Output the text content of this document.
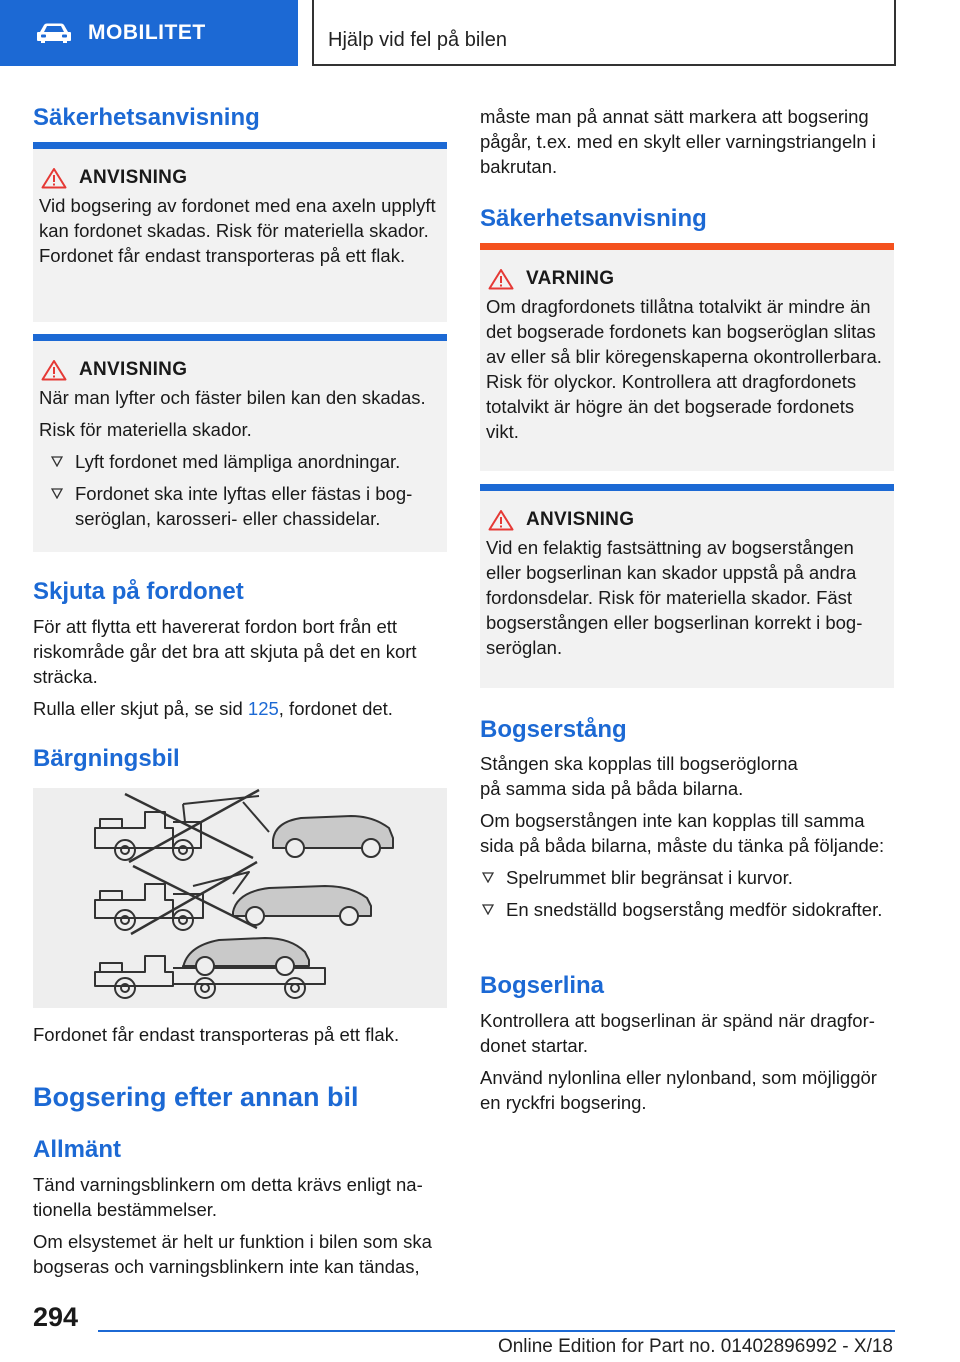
MOBILITET	Hjälp vid fel på bilen
Säkerhetsanvisning
ANVISNING
Vid bogsering av fordonet med ena axeln upplyft kan fordonet skadas. Risk för materiella skador. Fordonet får endast transporteras på ett flak.
ANVISNING
När man lyfter och fäster bilen kan den skadas.
Risk för materiella skador.
Lyft fordonet med lämpliga anordningar.
Fordonet ska inte lyftas eller fästas i bogseröglan, karosseri- eller chassidelar.
Skjuta på fordonet
För att flytta ett havererat fordon bort från ett riskområde går det bra att skjuta på det en kort sträcka.
Rulla eller skjut på, se sid 125, fordonet det.
Bärgningsbil
Fordonet får endast transporteras på ett flak.
Bogsering efter annan bil
Allmänt
Tänd varningsblinkern om detta krävs enligt nationella bestämmelser.
Om elsystemet är helt ur funktion i bilen som ska bogseras och varningsblinkern inte kan tändas,
måste man på annat sätt markera att bogsering pågår, t.ex. med en skylt eller varningstriangeln i bakrutan.
Säkerhetsanvisning
VARNING
Om dragfordonets tillåtna totalvikt är mindre än det bogserade fordonets kan bogseröglan slitas av eller så blir köregenskaperna okontrollerbara. Risk för olyckor. Kontrollera att dragfordonets totalvikt är högre än det bogserade fordonets vikt.
ANVISNING
Vid en felaktig fastsättning av bogserstången eller bogserlinan kan skador uppstå på andra fordonsdelar. Risk för materiella skador. Fäst bogserstången eller bogserlinan korrekt i bogseröglan.
Bogserstång
Stången ska kopplas till bogseröglorna
på samma sida på båda bilarna.
Om bogserstången inte kan kopplas till samma sida på båda bilarna, måste du tänka på följande:
Spelrummet blir begränsat i kurvor.
En snedställd bogserstång medför sidokrafter.
Bogserlina
Kontrollera att bogserlinan är spänd när dragfordonet startar.
Använd nylonlina eller nylonband, som möjliggör en ryckfri bogsering.
294
Online Edition for Part no. 01402896992 - X/18
